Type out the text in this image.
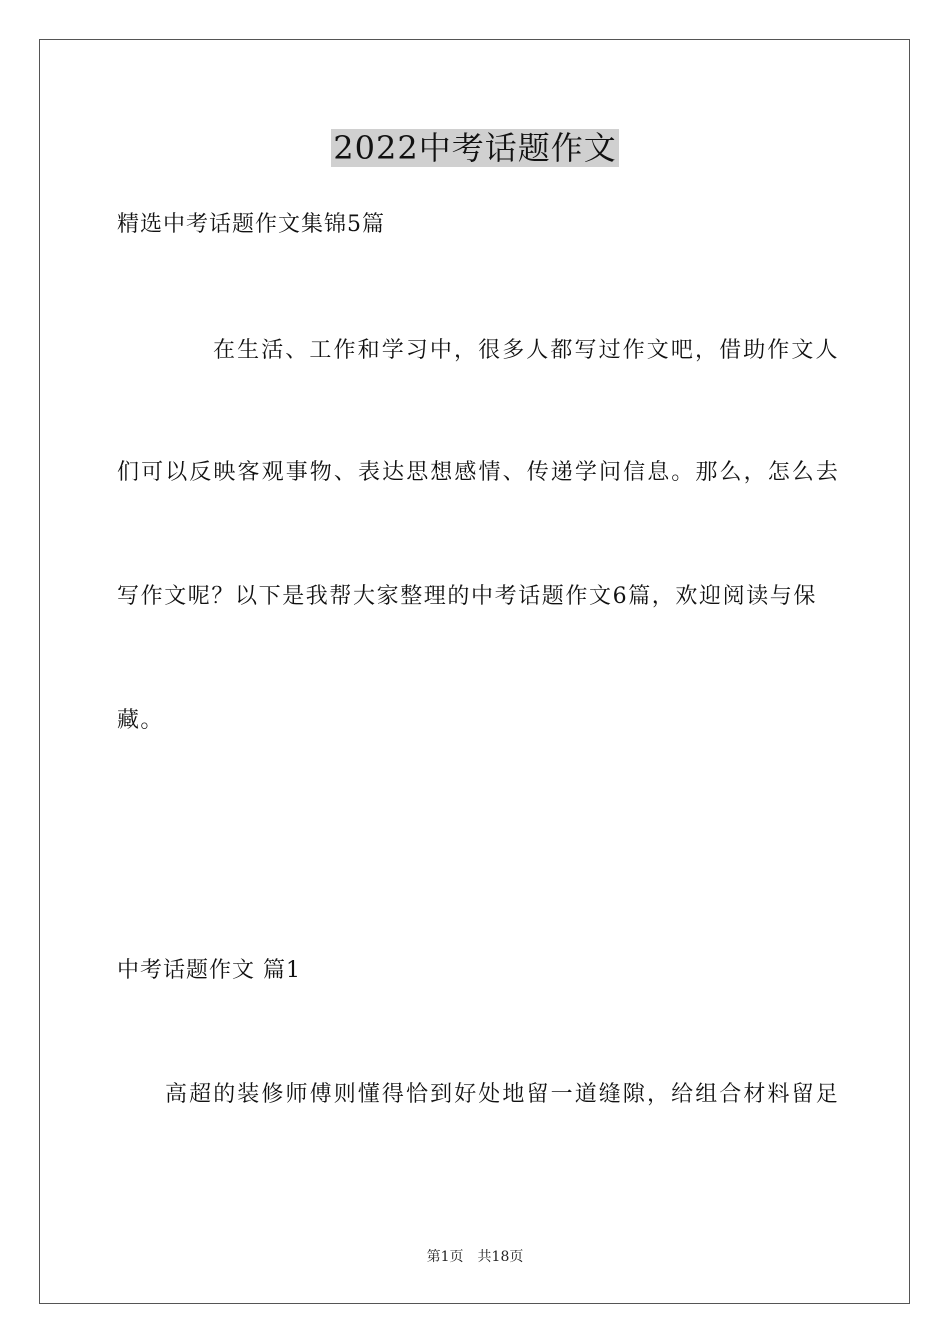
2022中考话题作文
精选中考话题作文集锦5篇
在生活、工作和学习中，很多人都写过作文吧，借助作文人
们可以反映客观事物、表达思想感情、传递学问信息。那么，怎么去
写作文呢？以下是我帮大家整理的中考话题作文6篇，欢迎阅读与保
藏。
中考话题作文 篇1
高超的装修师傅则懂得恰到好处地留一道缝隙，给组合材料留足
第1页 共18页
